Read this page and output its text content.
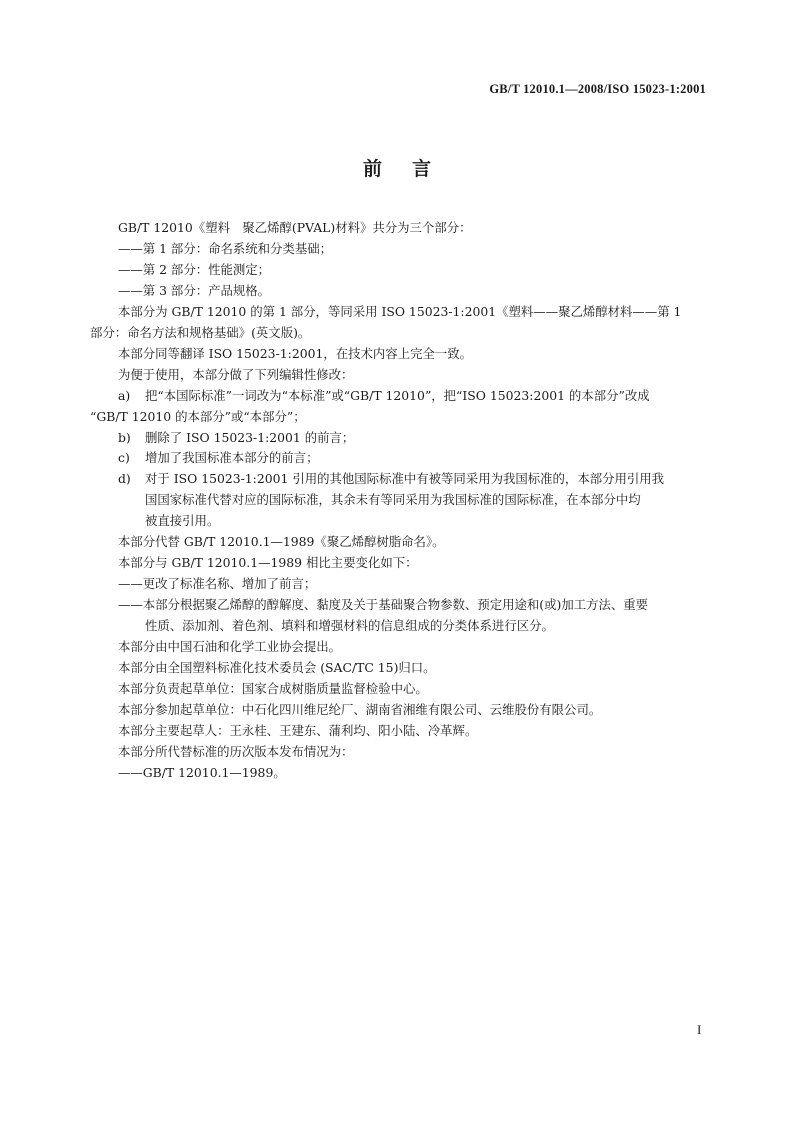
GB/T 12010.1—2008/ISO 15023-1:2001
前言
GB/T 12010《塑料　聚乙烯醇(PVAL)材料》共分为三个部分：
——第 1 部分：命名系统和分类基础；
——第 2 部分：性能测定；
——第 3 部分：产品规格。
本部分为 GB/T 12010 的第 1 部分，等同采用 ISO 15023-1:2001《塑料——聚乙烯醇材料——第 1
部分：命名方法和规格基础》(英文版)。
本部分同等翻译 ISO 15023-1:2001，在技术内容上完全一致。
为便于使用，本部分做了下列编辑性修改：
a) 把“本国际标准”一词改为“本标准”或“GB/T 12010”，把“ISO 15023:2001 的本部分”改成
“GB/T 12010 的本部分”或“本部分”；
b) 删除了 ISO 15023-1:2001 的前言；
c) 增加了我国标准本部分的前言；
d) 对于 ISO 15023-1:2001 引用的其他国际标准中有被等同采用为我国标准的，本部分用引用我
国国家标准代替对应的国际标准，其余未有等同采用为我国标准的国际标准，在本部分中均
被直接引用。
本部分代替 GB/T 12010.1—1989《聚乙烯醇树脂命名》。
本部分与 GB/T 12010.1—1989 相比主要变化如下：
——更改了标准名称、增加了前言；
——本部分根据聚乙烯醇的醇解度、黏度及关于基础聚合物参数、预定用途和(或)加工方法、重要
性质、添加剂、着色剂、填料和增强材料的信息组成的分类体系进行区分。
本部分由中国石油和化学工业协会提出。
本部分由全国塑料标准化技术委员会 (SAC/TC 15)归口。
本部分负责起草单位：国家合成树脂质量监督检验中心。
本部分参加起草单位：中石化四川维尼纶厂、湖南省湘维有限公司、云维股份有限公司。
本部分主要起草人：王永桂、王建东、蒲利均、阳小陆、冷革辉。
本部分所代替标准的历次版本发布情况为：
——GB/T 12010.1—1989。
I
